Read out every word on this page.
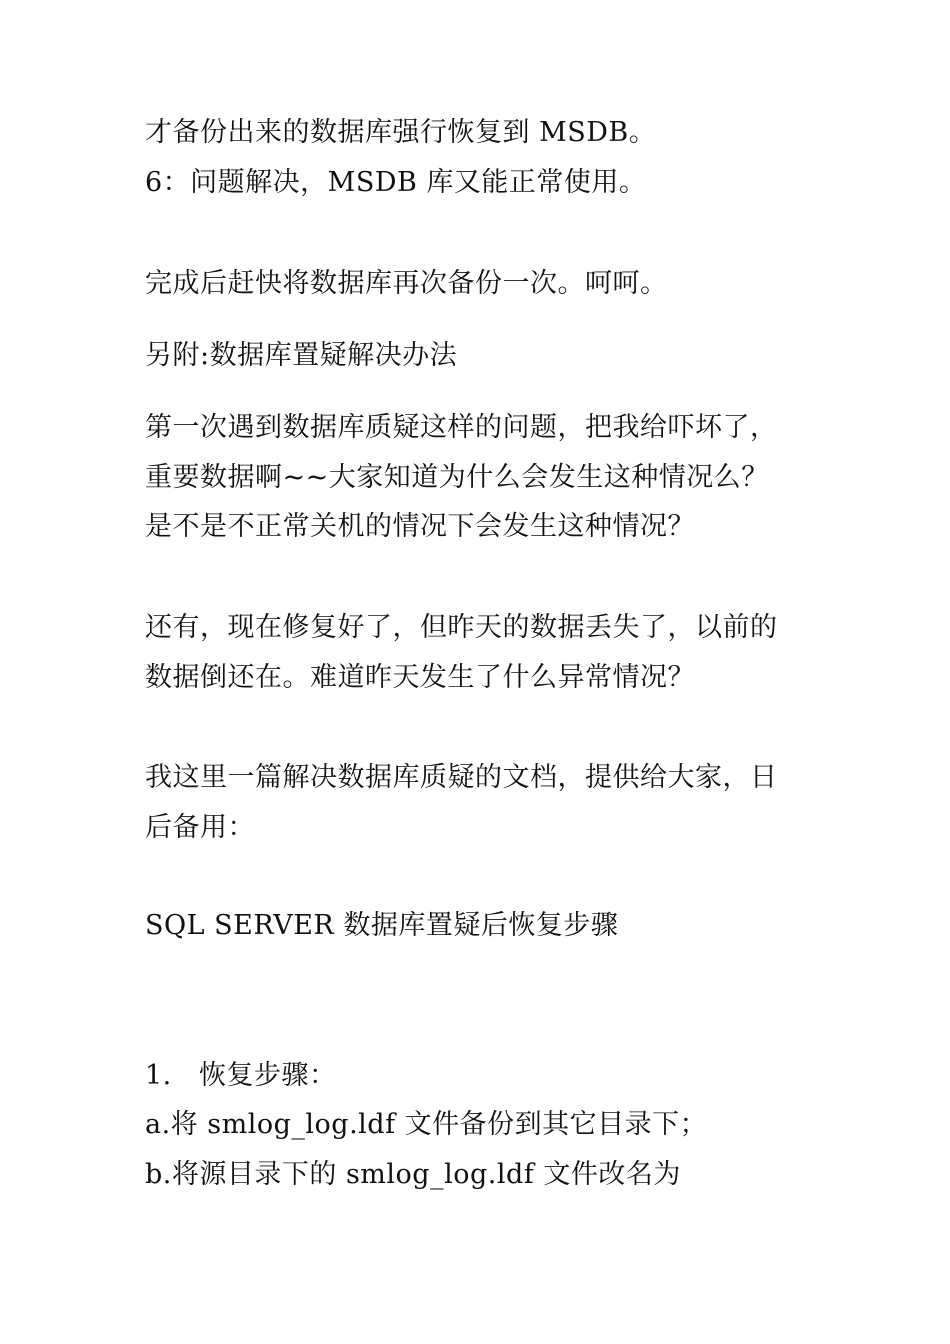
才备份出来的数据库强行恢复到 MSDB。
6：问题解决，MSDB 库又能正常使用。
完成后赶快将数据库再次备份一次。呵呵。
另附:数据库置疑解决办法
第一次遇到数据库质疑这样的问题，把我给吓坏了，
重要数据啊~~大家知道为什么会发生这种情况么？
是不是不正常关机的情况下会发生这种情况？
还有，现在修复好了，但昨天的数据丢失了，以前的
数据倒还在。难道昨天发生了什么异常情况？
我这里一篇解决数据库质疑的文档，提供给大家，日
后备用：
SQL SERVER 数据库置疑后恢复步骤
1.   恢复步骤：
a.将 smlog_log.ldf 文件备份到其它目录下；
b.将源目录下的 smlog_log.ldf 文件改名为
